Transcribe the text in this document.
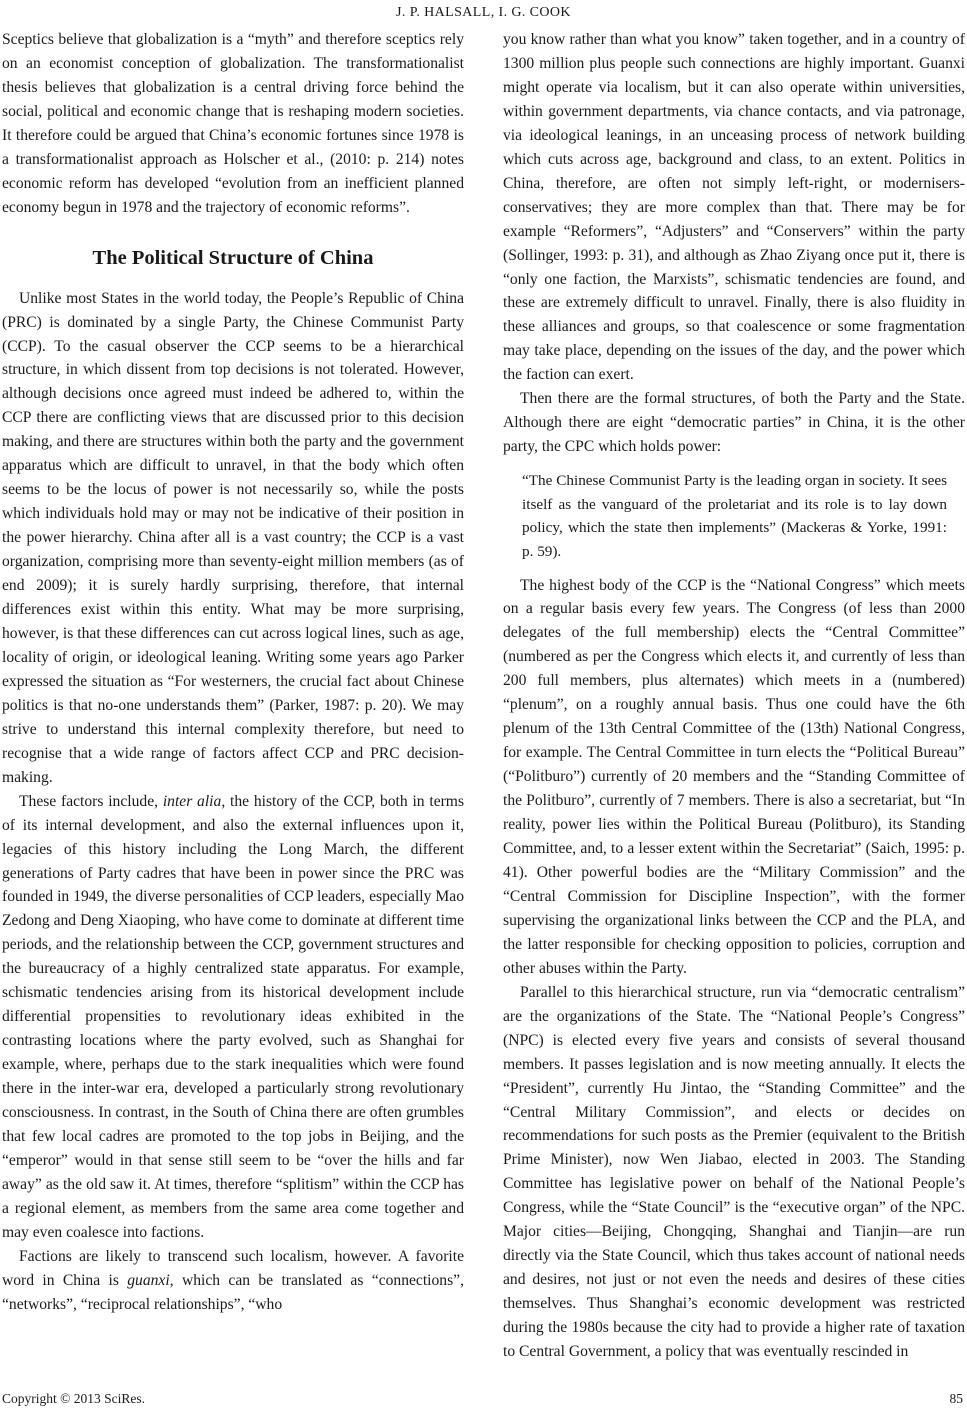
J. P. HALSALL, I. G. COOK

Sceptics believe that globalization is a “myth” and therefore sceptics rely on an economist conception of globalization. The transformationalist thesis believes that globalization is a central driving force behind the social, political and economic change that is reshaping modern societies. It therefore could be argued that China’s economic fortunes since 1978 is a transformationalist approach as Holscher et al., (2010: p. 214) notes economic reform has developed “evolution from an inefficient planned economy begun in 1978 and the trajectory of economic reforms”.

The Political Structure of China

Unlike most States in the world today, the People’s Republic of China (PRC) is dominated by a single Party, the Chinese Communist Party (CCP). To the casual observer the CCP seems to be a hierarchical structure, in which dissent from top decisions is not tolerated. However, although decisions once agreed must indeed be adhered to, within the CCP there are conflicting views that are discussed prior to this decision making, and there are structures within both the party and the government apparatus which are difficult to unravel, in that the body which often seems to be the locus of power is not necessarily so, while the posts which individuals hold may or may not be indicative of their position in the power hierarchy. China after all is a vast country; the CCP is a vast organization, comprising more than seventy-eight million members (as of end 2009); it is surely hardly surprising, therefore, that internal differences exist within this entity. What may be more surprising, however, is that these differences can cut across logical lines, such as age, locality of origin, or ideological leaning. Writing some years ago Parker expressed the situation as “For westerners, the crucial fact about Chinese politics is that no-one understands them” (Parker, 1987: p. 20). We may strive to understand this internal complexity therefore, but need to recognise that a wide range of factors affect CCP and PRC decision-making.

These factors include, inter alia, the history of the CCP, both in terms of its internal development, and also the external influences upon it, legacies of this history including the Long March, the different generations of Party cadres that have been in power since the PRC was founded in 1949, the diverse personalities of CCP leaders, especially Mao Zedong and Deng Xiaoping, who have come to dominate at different time periods, and the relationship between the CCP, government structures and the bureaucracy of a highly centralized state apparatus. For example, schismatic tendencies arising from its historical development include differential propensities to revolutionary ideas exhibited in the contrasting locations where the party evolved, such as Shanghai for example, where, perhaps due to the stark inequalities which were found there in the inter-war era, developed a particularly strong revolutionary consciousness. In contrast, in the South of China there are often grumbles that few local cadres are promoted to the top jobs in Beijing, and the “emperor” would in that sense still seem to be “over the hills and far away” as the old saw it. At times, therefore “splitism” within the CCP has a regional element, as members from the same area come together and may even coalesce into factions.

Factions are likely to transcend such localism, however. A favorite word in China is guanxi, which can be translated as “connections”, “networks”, “reciprocal relationships”, “who

you know rather than what you know” taken together, and in a country of 1300 million plus people such connections are highly important. Guanxi might operate via localism, but it can also operate within universities, within government departments, via chance contacts, and via patronage, via ideological leanings, in an unceasing process of network building which cuts across age, background and class, to an extent. Politics in China, therefore, are often not simply left-right, or modernisers-conservatives; they are more complex than that. There may be for example “Reformers”, “Adjusters” and “Conservers” within the party (Sollinger, 1993: p. 31), and although as Zhao Ziyang once put it, there is “only one faction, the Marxists”, schismatic tendencies are found, and these are extremely difficult to unravel. Finally, there is also fluidity in these alliances and groups, so that coalescence or some fragmentation may take place, depending on the issues of the day, and the power which the faction can exert.

Then there are the formal structures, of both the Party and the State. Although there are eight “democratic parties” in China, it is the other party, the CPC which holds power:

“The Chinese Communist Party is the leading organ in society. It sees itself as the vanguard of the proletariat and its role is to lay down policy, which the state then implements” (Mackeras & Yorke, 1991: p. 59).

The highest body of the CCP is the “National Congress” which meets on a regular basis every few years. The Congress (of less than 2000 delegates of the full membership) elects the “Central Committee” (numbered as per the Congress which elects it, and currently of less than 200 full members, plus alternates) which meets in a (numbered) “plenum”, on a roughly annual basis. Thus one could have the 6th plenum of the 13th Central Committee of the (13th) National Congress, for example. The Central Committee in turn elects the “Political Bureau” (“Politburo”) currently of 20 members and the “Standing Committee of the Politburo”, currently of 7 members. There is also a secretariat, but “In reality, power lies within the Political Bureau (Politburo), its Standing Committee, and, to a lesser extent within the Secretariat” (Saich, 1995: p. 41). Other powerful bodies are the “Military Commission” and the “Central Commission for Discipline Inspection”, with the former supervising the organizational links between the CCP and the PLA, and the latter responsible for checking opposition to policies, corruption and other abuses within the Party.

Parallel to this hierarchical structure, run via “democratic centralism” are the organizations of the State. The “National People’s Congress” (NPC) is elected every five years and consists of several thousand members. It passes legislation and is now meeting annually. It elects the “President”, currently Hu Jintao, the “Standing Committee” and the “Central Military Commission”, and elects or decides on recommendations for such posts as the Premier (equivalent to the British Prime Minister), now Wen Jiabao, elected in 2003. The Standing Committee has legislative power on behalf of the National People’s Congress, while the “State Council” is the “executive organ” of the NPC. Major cities—Beijing, Chongqing, Shanghai and Tianjin—are run directly via the State Council, which thus takes account of national needs and desires, not just or not even the needs and desires of these cities themselves. Thus Shanghai’s economic development was restricted during the 1980s because the city had to provide a higher rate of taxation to Central Government, a policy that was eventually rescinded in

Copyright © 2013 SciRes.	85
